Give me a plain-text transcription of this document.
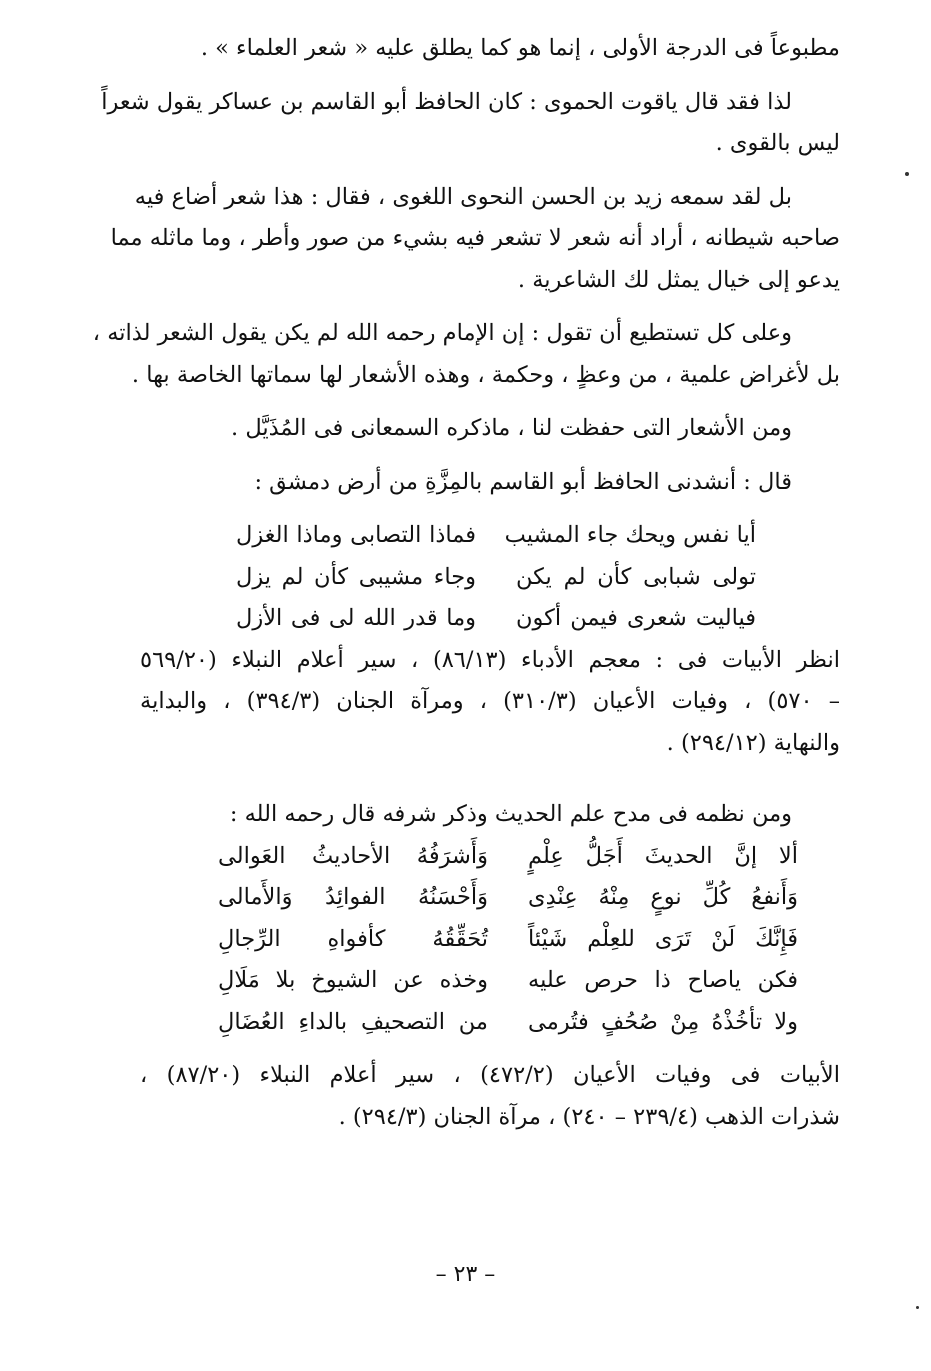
مطبوعاً فى الدرجة الأولى ، إنما هو كما يطلق عليه « شعر العلماء » .
لذا فقد قال ياقوت الحموى : كان الحافظ أبو القاسم بن عساكر يقول شعراً
ليس بالقوى .
بل لقد سمعه زيد بن الحسن النحوى اللغوى ، فقال : هذا شعر أضاع فيه
صاحبه شيطانه ، أراد أنه شعر لا تشعر فيه بشيء من صور وأطر ، وما ماثله مما
يدعو إلى خيال يمثل لك الشاعرية .
وعلى كل تستطيع أن تقول : إن الإمام رحمه الله لم يكن يقول الشعر لذاته ،
بل لأغراض علمية ، من وعظٍ ، وحكمة ، وهذه الأشعار لها سماتها الخاصة بها .
ومن الأشعار التى حفظت لنا ، ماذكره السمعانى فى المُذَيَّل .
قال : أنشدنى الحافظ أبو القاسم بالمِزَّةِ من أرض دمشق :
أيا نفس ويحك جاء المشيب
فماذا التصابى وماذا الغزل
تولى شبابى كأن لم يكن
وجاء مشيبى كأن لم يزل
فياليت شعرى فيمن أكون
وما قدر الله لى فى الأزل
انظر الأبيات فى : معجم الأدباء (٨٦/١٣) ، سير أعلام النبلاء (٥٦٩/٢٠
– ٥٧٠) ، وفيات الأعيان (٣١٠/٣) ، ومرآة الجنان (٣٩٤/٣) ، والبداية
والنهاية (٢٩٤/١٢) .
ومن نظمه فى مدح علم الحديث وذكر شرفه قال رحمه الله :
ألا إنَّ الحديثَ أَجَلُّ عِلْمٍ
وَأَشرَفُهُ الأحاديثُ العَوالى
وَأَنفعُ كُلِّ نوعٍ مِنْهُ عِنْدِى
وَأَحْسَنُهُ الفوائِدُ وَالأَمالى
فَإِنَّكَ لَنْ تَرَى للعِلْم شَيْئاً
تُحَقِّقُهُ كأفواهِ الرِّجالِ
فكن ياصاح ذا حرص عليه
وخذه عن الشيوخ بلا مَلَالِ
ولا تأخُذْهُ مِنْ صُحُفٍ فتُرمى
من التصحيفِ بالداءِ العُضَالِ
الأبيات فى وفيات الأعيان (٤٧٢/٢) ، سير أعلام النبلاء (٨٧/٢٠) ،
شذرات الذهب (٢٣٩/٤ – ٢٤٠) ، مرآة الجنان (٢٩٤/٣) .
– ٢٣ –
